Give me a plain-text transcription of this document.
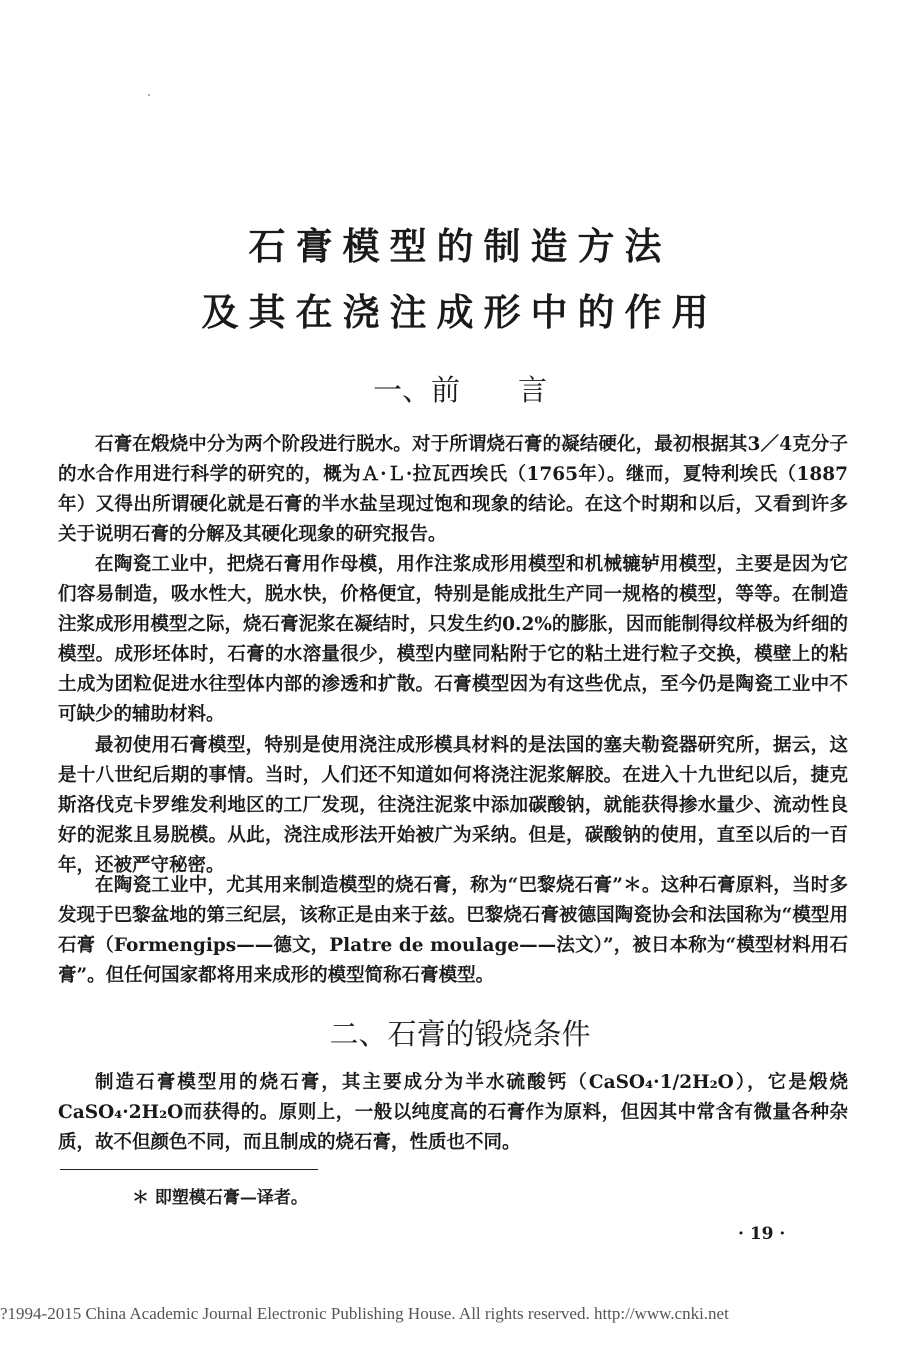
石膏模型的制造方法
及其在浇注成形中的作用
一、前　　言

石膏在煅烧中分为两个阶段进行脱水。对于所谓烧石膏的凝结硬化，最初根据其3／4克分子的水合作用进行科学的研究的，概为Ａ·Ｌ·拉瓦西埃氏（1765年）。继而，夏特利埃氏（1887年）又得出所谓硬化就是石膏的半水盐呈现过饱和现象的结论。在这个时期和以后，又看到许多关于说明石膏的分解及其硬化现象的研究报告。

在陶瓷工业中，把烧石膏用作母模，用作注浆成形用模型和机械辘轳用模型，主要是因为它们容易制造，吸水性大，脱水快，价格便宜，特别是能成批生产同一规格的模型，等等。在制造注浆成形用模型之际，烧石膏泥浆在凝结时，只发生约0.2%的膨胀，因而能制得纹样极为纤细的模型。成形坯体时，石膏的水溶量很少，模型内壁同粘附于它的粘土进行粒子交换，模壁上的粘土成为团粒促进水往型体内部的渗透和扩散。石膏模型因为有这些优点，至今仍是陶瓷工业中不可缺少的辅助材料。

最初使用石膏模型，特别是使用浇注成形模具材料的是法国的塞夫勒瓷器研究所，据云，这是十八世纪后期的事情。当时，人们还不知道如何将浇注泥浆解胶。在进入十九世纪以后，捷克斯洛伐克卡罗维发利地区的工厂发现，往浇注泥浆中添加碳酸钠，就能获得掺水量少、流动性良好的泥浆且易脱模。从此，浇注成形法开始被广为采纳。但是，碳酸钠的使用，直至以后的一百年，还被严守秘密。

在陶瓷工业中，尤其用来制造模型的烧石膏，称为“巴黎烧石膏”＊。这种石膏原料，当时多发现于巴黎盆地的第三纪层，该称正是由来于兹。巴黎烧石膏被德国陶瓷协会和法国称为“模型用石膏（Formengips——德文，Platre de moulage——法文）”，被日本称为“模型材料用石膏”。但任何国家都将用来成形的模型简称石膏模型。

二、石膏的锻烧条件

制造石膏模型用的烧石膏，其主要成分为半水硫酸钙（CaSO₄·1/2H₂O），它是煅烧CaSO₄·2H₂O而获得的。原则上，一般以纯度高的石膏作为原料，但因其中常含有微量各种杂质，故不但颜色不同，而且制成的烧石膏，性质也不同。

＊ 即塑模石膏—译者。

· 19 ·

?1994-2015 China Academic Journal Electronic Publishing House. All rights reserved. http://www.cnki.net
